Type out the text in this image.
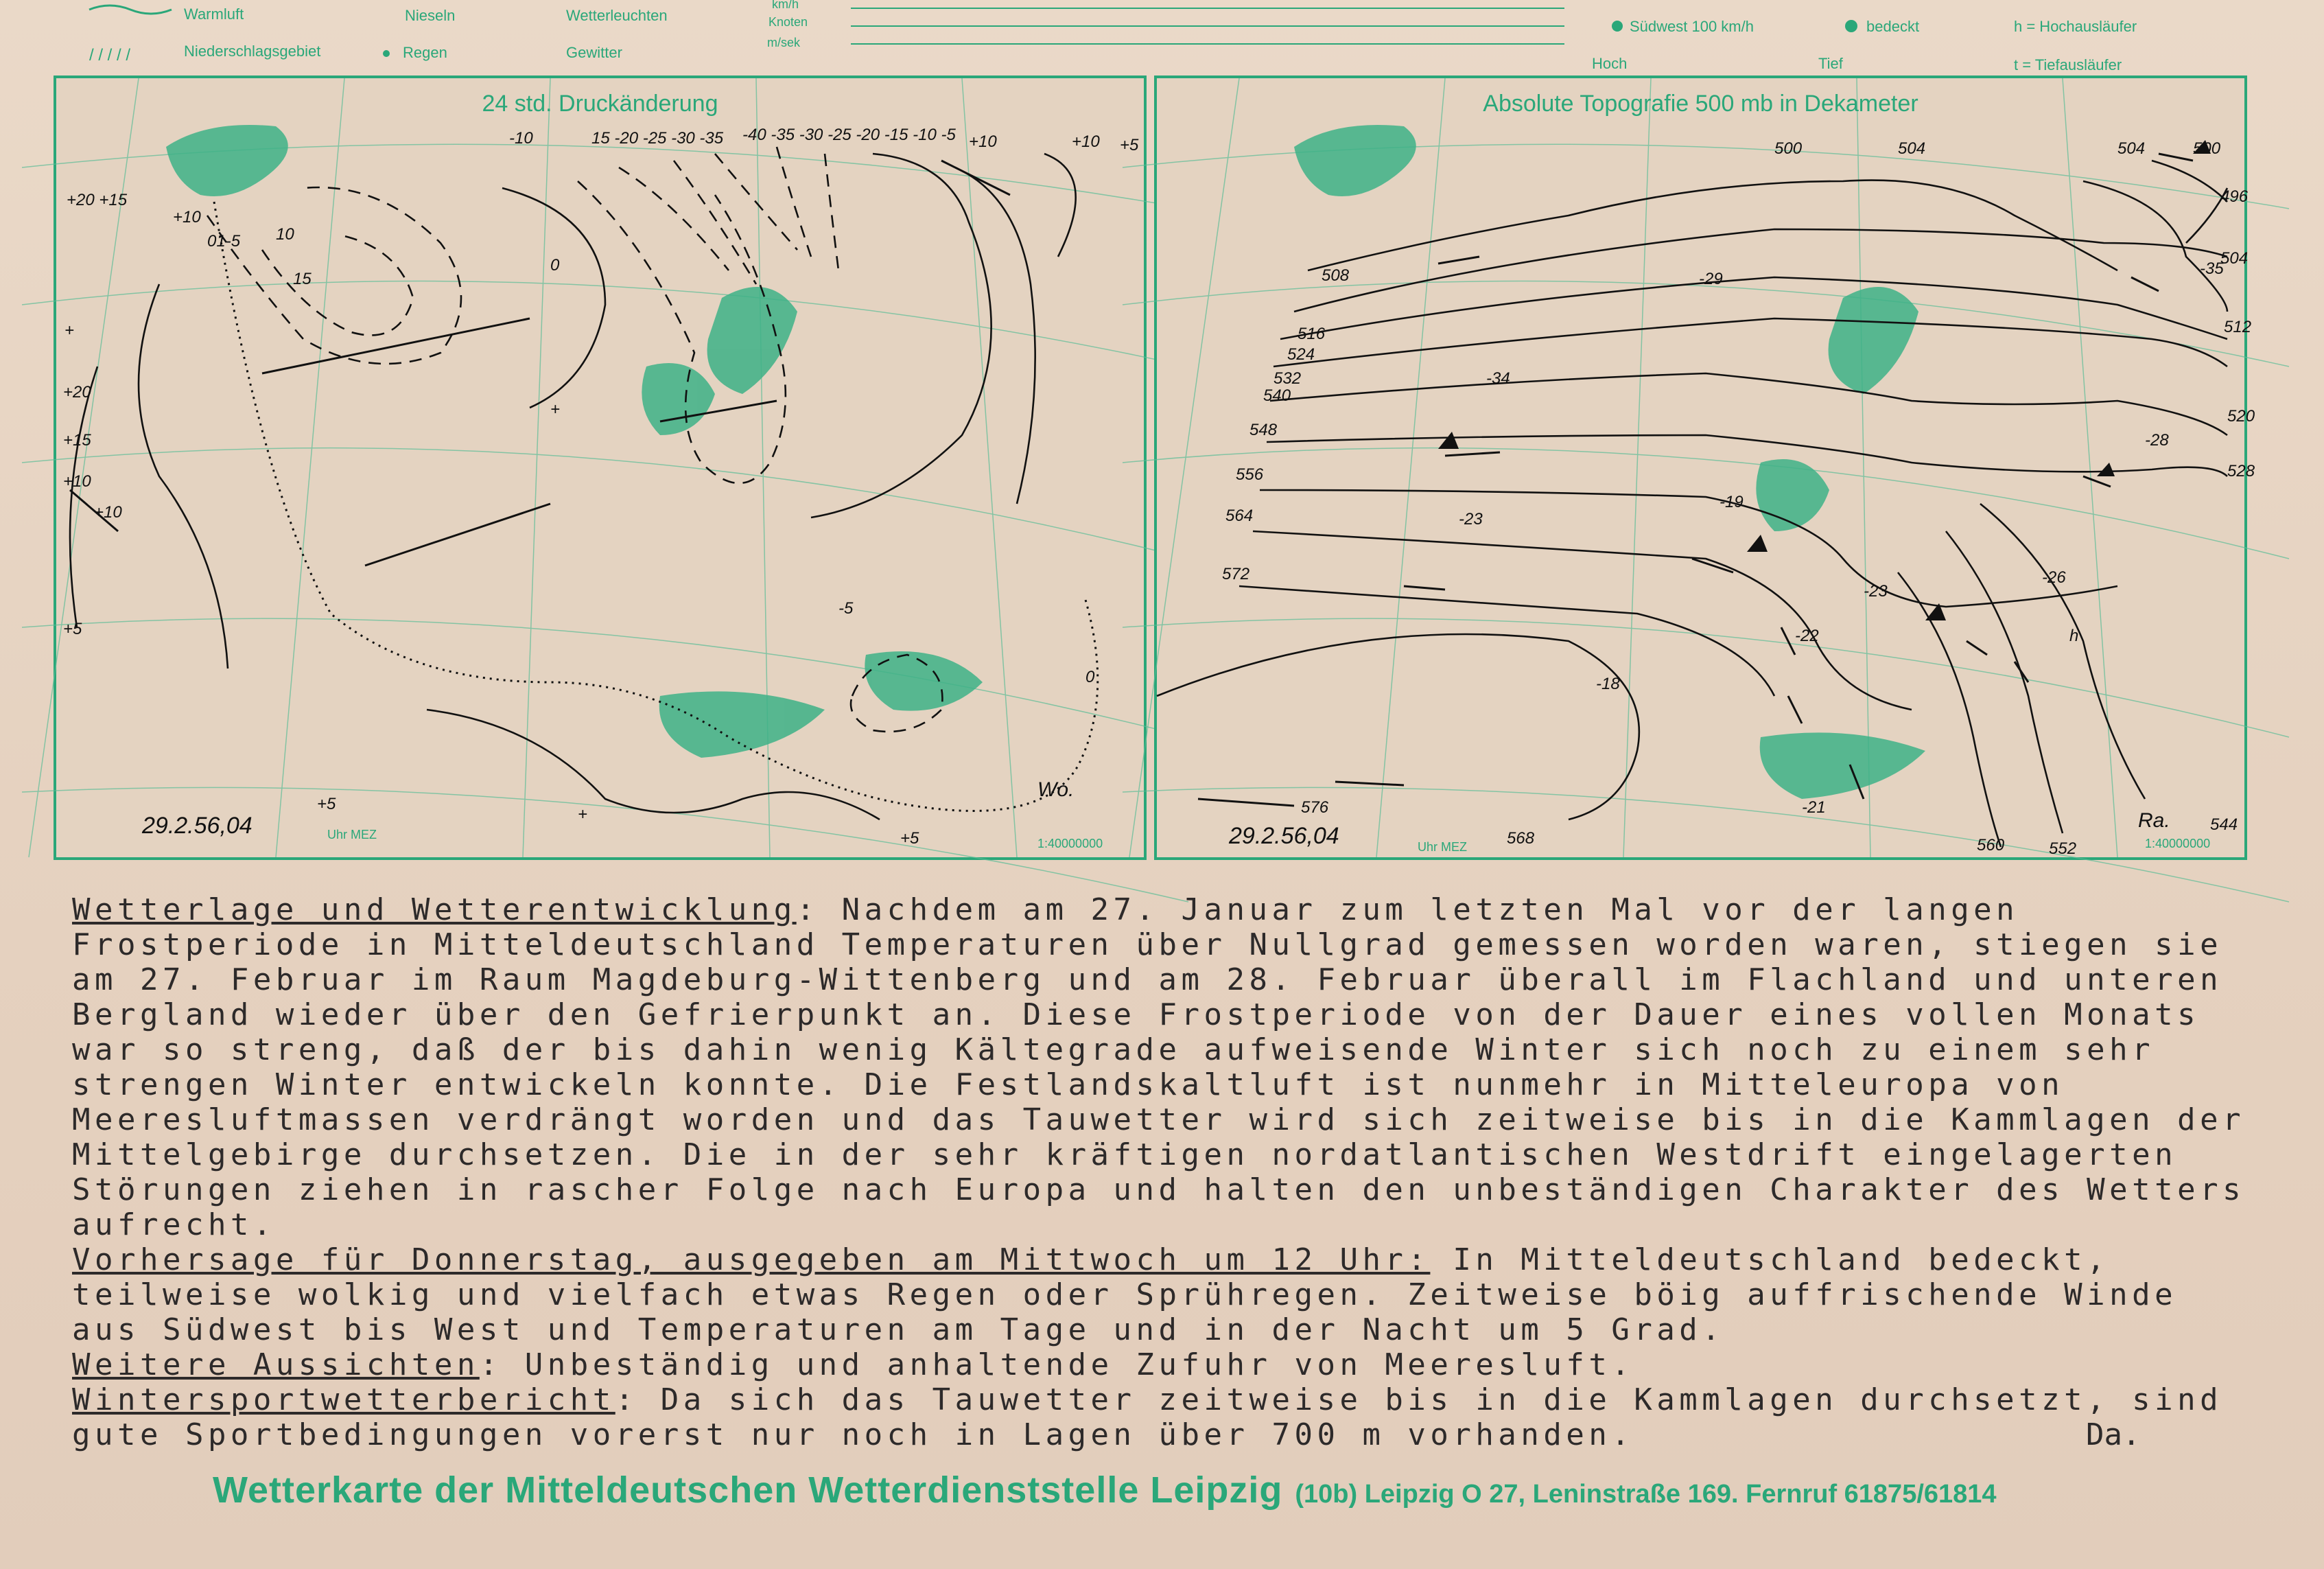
/ / / / /
Warmluft	Nieseln	Wetterleuchten
Niederschlagsgebiet	Regen	Gewitter
km/h
Knoten
m/sek
Südwest 100 km/h
Hoch
bedeckt
Tief
h = Hochausläufer
t = Tiefausläufer
24 std. Druckänderung
+20 +15
+10
01-5 10
15
+
+20
+15
+10
+10
+5
-10	15 -20 -25 -30 -35 -40 -35 -30 -25 -20 -15 -10 -5 +10	+10 +5
0
+
-5
0
+5
+
+5
29.2.56,04	Uhr MEZ
Wo.
1:40000000
Absolute Topografie 500 mb in Dekameter
500	504	504	500
496
504
512
520
528
508
516
524
532
540
548
556
564
572
576
568	560	552
544
-29
-35
-34
-28
-23
-19
-23
-22
-18
-21
-26
h
29.2.56,04	Uhr MEZ
Ra.
1:40000000

Wetterlage und Wetterentwicklung: Nachdem am 27. Januar zum letzten Mal vor der langen Frostperiode in Mitteldeutschland Temperaturen über Nullgrad gemessen worden waren, stiegen sie am 27. Februar im Raum Magdeburg-Wittenberg und am 28. Februar überall im Flachland und unteren Bergland wieder über den Gefrierpunkt an. Diese Frostperiode von der Dauer eines vollen Monats war so streng, daß der bis dahin wenig Kältegrade aufweisende Winter sich noch zu einem sehr strengen Winter entwickeln konnte. Die Festlandskaltluft ist nunmehr in Mitteleuropa von Meeresluftmassen verdrängt worden und das Tauwetter wird sich zeitweise bis in die Kammlagen der Mittelgebirge durchsetzen. Die in der sehr kräftigen nordatlantischen Westdrift eingelagerten Störungen ziehen in rascher Folge nach Europa und halten den unbeständigen Charakter des Wetters aufrecht.

Vorhersage für Donnerstag, ausgegeben am Mittwoch um 12 Uhr: In Mitteldeutschland bedeckt, teilweise wolkig und vielfach etwas Regen oder Sprühregen. Zeitweise böig auffrischende Winde aus Südwest bis West und Temperaturen am Tage und in der Nacht um 5 Grad.

Weitere Aussichten: Unbeständig und anhaltende Zufuhr von Meeresluft.

Wintersportwetterbericht: Da sich das Tauwetter zeitweise bis in die Kammlagen durchsetzt, sind gute Sportbedingungen vorerst nur noch in Lagen über 700 m vorhanden.	Da.
Wetterkarte der Mitteldeutschen Wetterdienststelle Leipzig (10b) Leipzig O 27, Leninstraße 169. Fernruf 61875/61814
